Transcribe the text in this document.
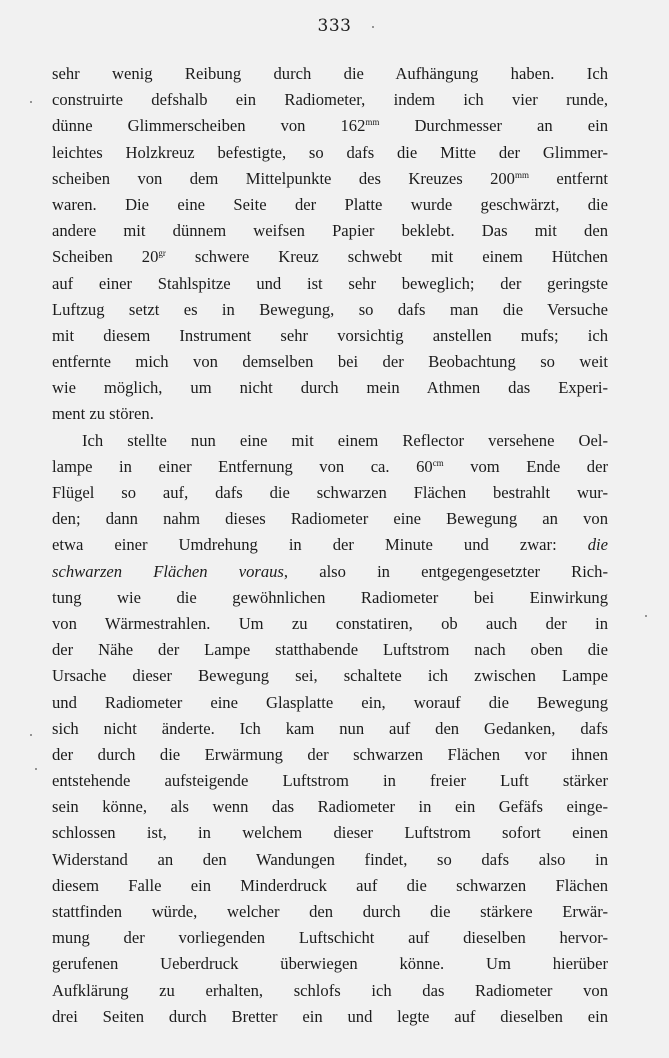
333
sehr wenig Reibung durch die Aufhängung haben. Ich
construirte defshalb ein Radiometer, indem ich vier runde,
dünne Glimmerscheiben von $162^{mm}$ Durchmesser an ein
leichtes Holzkreuz befestigte, so dafs die Mitte der Glimmer-
scheiben von dem Mittelpunkte des Kreuzes $200^{mm}$ entfernt
waren. Die eine Seite der Platte wurde geschwärzt, die
andere mit dünnem weifsen Papier beklebt. Das mit den
Scheiben $20^{gr}$ schwere Kreuz schwebt mit einem Hütchen
auf einer Stahlspitze und ist sehr beweglich; der geringste
Luftzug setzt es in Bewegung, so dafs man die Versuche
mit diesem Instrument sehr vorsichtig anstellen mufs; ich
entfernte mich von demselben bei der Beobachtung so weit
wie möglich, um nicht durch mein Athmen das Experi-
ment zu stören.
Ich stellte nun eine mit einem Reflector versehene Oel-
lampe in einer Entfernung von ca. $60^{cm}$ vom Ende der
Flügel so auf, dafs die schwarzen Flächen bestrahlt wur-
den; dann nahm dieses Radiometer eine Bewegung an von
etwa einer Umdrehung in der Minute und zwar: die
schwarzen Flächen voraus, also in entgegengesetzter Rich-
tung wie die gewöhnlichen Radiometer bei Einwirkung
von Wärmestrahlen. Um zu constatiren, ob auch der in
der Nähe der Lampe statthabende Luftstrom nach oben die
Ursache dieser Bewegung sei, schaltete ich zwischen Lampe
und Radiometer eine Glasplatte ein, worauf die Bewegung
sich nicht änderte. Ich kam nun auf den Gedanken, dafs
der durch die Erwärmung der schwarzen Flächen vor ihnen
entstehende aufsteigende Luftstrom in freier Luft stärker
sein könne, als wenn das Radiometer in ein Gefäfs einge-
schlossen ist, in welchem dieser Luftstrom sofort einen
Widerstand an den Wandungen findet, so dafs also in
diesem Falle ein Minderdruck auf die schwarzen Flächen
stattfinden würde, welcher den durch die stärkere Erwär-
mung der vorliegenden Luftschicht auf dieselben hervor-
gerufenen Ueberdruck überwiegen könne. Um hierüber
Aufklärung zu erhalten, schlofs ich das Radiometer von
drei Seiten durch Bretter ein und legte auf dieselben ein
